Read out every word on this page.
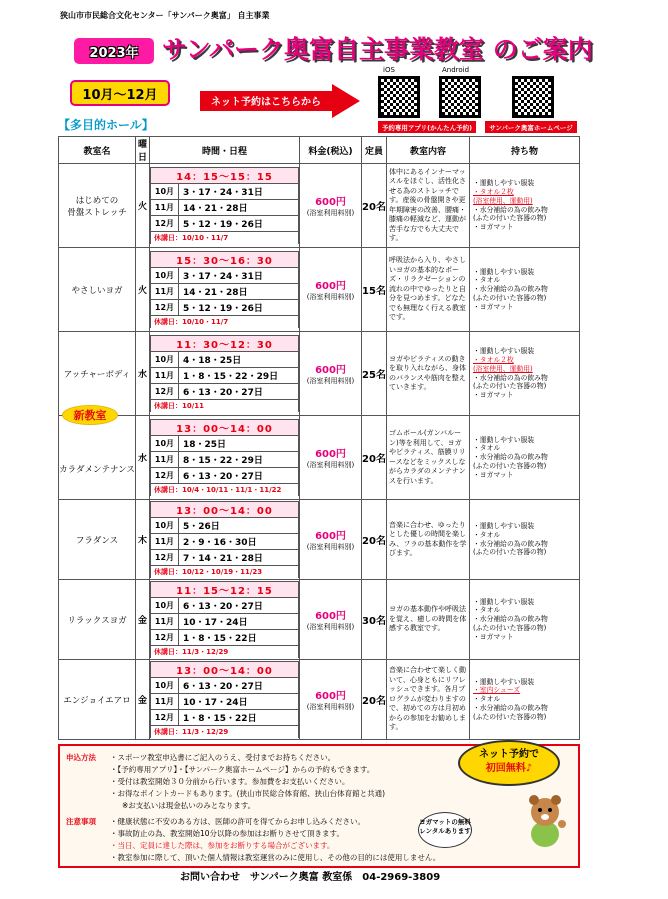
狭山市市民総合文化センター「サンパーク奥富」 自主事業
2023年 サンパーク奥富自主事業教室 のご案内
10月～12月
【多目的ホール】
ネット予約はこちらから
iOS	Android
予約専用アプリ(かんたん予約)	サンパーク奥富ホームページ
教室名	曜日	時間・日程	料金(税込)	定員	教室内容	持ち物
はじめての
骨盤ストレッチ	火	
14：15～15：15
10月	3・17・24・31日
11月	14・21・28日
12月	5・12・19・26日
休講日：10/10・11/7
	600円
(浴室利用料別)	20名	体中にあるインナーマッスルをほぐし、活性化させる為のストレッチです。産後の骨盤開きや更年期障害の改善、腰痛・膝痛の軽減など、運動が苦手な方でも大丈夫です。	
・運動しやすい服装
・タオル２枚
(浴室使用、運動用)
・水分補給の為の飲み物
(ふたの付いた容器の物)
・ヨガマット

やさしいヨガ	火	
15：30～16：30
10月	3・17・24・31日
11月	14・21・28日
12月	5・12・19・26日
休講日：10/10・11/7
	600円
(浴室利用料別)	15名	呼吸法から入り、やさしいヨガの基本的なポーズ・リラクゼーションの流れの中でゆったりと自分を見つめます。どなたでも無理なく行える教室です。	
・運動しやすい服装
・タオル
・水分補給の為の飲み物
(ふたの付いた容器の物)
・ヨガマット

アッチャーボディ	水	
11：30～12：30
10月	4・18・25日
11月	1・8・15・22・29日
12月	6・13・20・27日
休講日：10/11
	600円
(浴室利用料別)	25名	ヨガやピラティスの動きを取り入れながら、身体のバランスや筋肉を整えていきます。	
・運動しやすい服装
・タオル２枚
(浴室使用、運動用)
・水分補給の為の飲み物
(ふたの付いた容器の物)
・ヨガマット

カラダメンテナンス	水	
13：00～14：00
10月	18・25日
11月	8・15・22・29日
12月	6・13・20・27日
休講日：10/4・10/11・11/1・11/22
	600円
(浴室利用料別)	20名	ゴムボール(ガンバルーン)等を利用して、ヨガやピラティス、筋膜リリースなどをミックスしながらカラダのメンテナンスを行います。	
・運動しやすい服装
・タオル
・水分補給の為の飲み物
(ふたの付いた容器の物)
・ヨガマット

フラダンス	木	
13：00～14：00
10月	5・26日
11月	2・9・16・30日
12月	7・14・21・28日
休講日：10/12・10/19・11/23
	600円
(浴室利用料別)	20名	音楽に合わせ、ゆったりとした優しの時間を楽しみ、フラの基本動作を学びます。	
・運動しやすい服装
・タオル
・水分補給の為の飲み物
(ふたの付いた容器の物)

リラックスヨガ	金	
11：15～12：15
10月	6・13・20・27日
11月	10・17・24日
12月	1・8・15・22日
休講日：11/3・12/29
	600円
(浴室利用料別)	30名	ヨガの基本動作や呼吸法を覚え、癒しの時間を体感する教室です。	
・運動しやすい服装
・タオル
・水分補給の為の飲み物
(ふたの付いた容器の物)
・ヨガマット

エンジョイエアロ	金	
13：00～14：00
10月	6・13・20・27日
11月	10・17・24日
12月	1・8・15・22日
休講日：11/3・12/29
	600円
(浴室利用料別)	20名	音楽に合わせて楽しく動いて、心身ともにリフレッシュできます。各月プログラムが変わりますので、初めての方は月初めからの参加をお勧めします。	
・運動しやすい服装
・室内シューズ
・タオル
・水分補給の為の飲み物
(ふたの付いた容器の物)
新教室
申込方法 ・スポーツ教室申込書にご記入のうえ、受付までお持ちください。
・【予約専用アプリ】・【サンパーク奥富ホームページ】からの予約もできます。
・受付は教室開始３０分前から行います。参加費をお支払いください。
・お得なポイントカードもあります。(狭山市民総合体育館、狭山台体育館と共通)
※お支払いは現金払いのみとなります。
注意事項 ・健康状態に不安のある方は、医師の許可を得てからお申し込みください。
・事故防止の為、教室開始10分以降の参加はお断りさせて頂きます。
・当日、定員に達した際は、参加をお断りする場合がございます。
・教室参加に際して、頂いた個人情報は教室運営のみに使用し、その他の目的には使用しません。
ネット予約で
初回無料♪
ヨガマットの無料レンタルあります
お問い合わせ　サンパーク奥富 教室係　04-2969-3809
